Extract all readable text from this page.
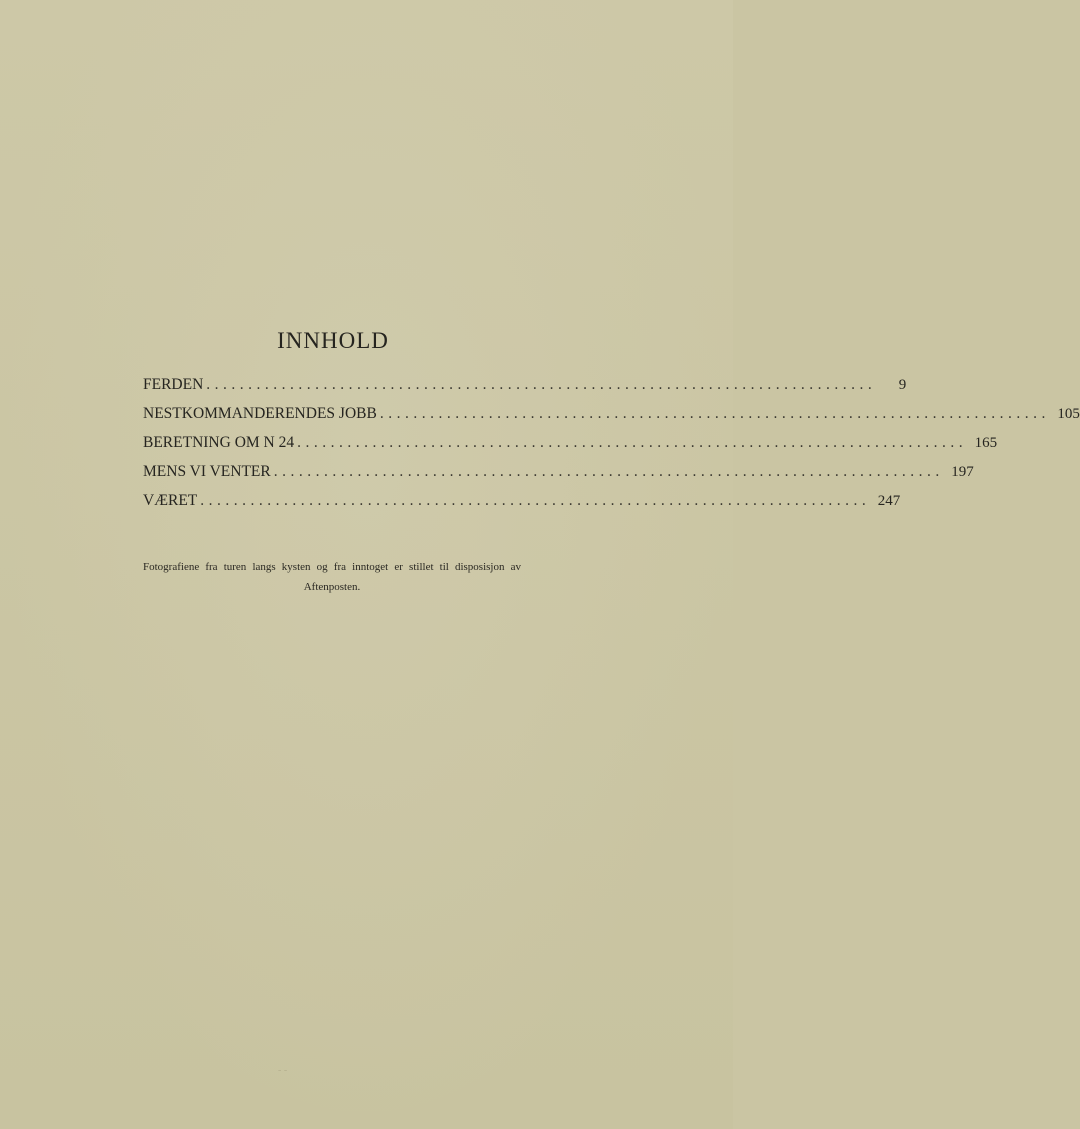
INNHOLD
FERDEN ................................................................................	9
NESTKOMMANDERENDES JOBB ................................................................................ 105
BERETNING OM N 24 ................................................................................ 165
MENS VI VENTER ................................................................................ 197
VÆRET ................................................................................ 247
Fotografiene fra turen langs kysten og fra inntoget er stillet til disposisjon av Aftenposten.
- -
